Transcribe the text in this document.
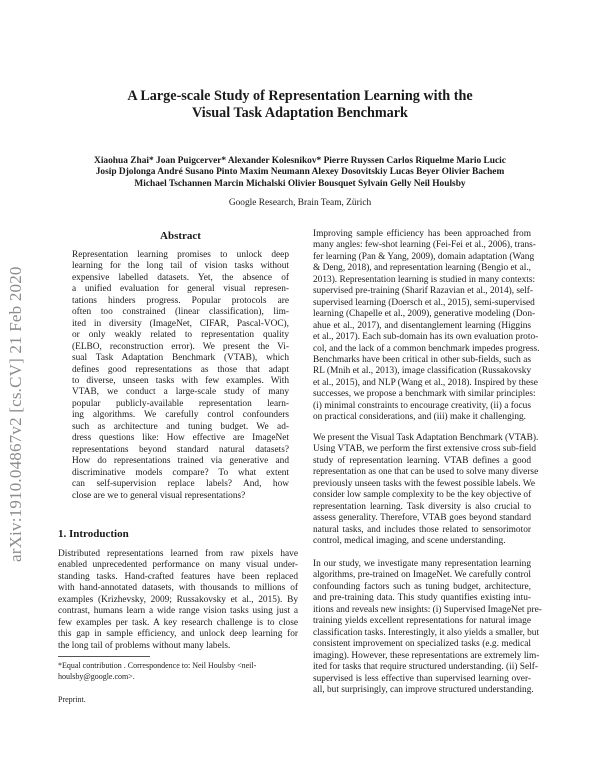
arXiv:1910.04867v2 [cs.CV] 21 Feb 2020
A Large-scale Study of Representation Learning with the
Visual Task Adaptation Benchmark
Xiaohua Zhai* Joan Puigcerver* Alexander Kolesnikov* Pierre Ruyssen Carlos Riquelme Mario Lucic
Josip Djolonga André Susano Pinto Maxim Neumann Alexey Dosovitskiy Lucas Beyer Olivier Bachem
Michael Tschannen Marcin Michalski Olivier Bousquet Sylvain Gelly Neil Houlsby
Google Research, Brain Team, Zürich
Abstract
Representation learning promises to unlock deep
learning for the long tail of vision tasks without
expensive labelled datasets. Yet, the absence of
a unified evaluation for general visual represen-
tations hinders progress. Popular protocols are
often too constrained (linear classification), lim-
ited in diversity (ImageNet, CIFAR, Pascal-VOC),
or only weakly related to representation quality
(ELBO, reconstruction error). We present the Vi-
sual Task Adaptation Benchmark (VTAB), which
defines good representations as those that adapt
to diverse, unseen tasks with few examples. With
VTAB, we conduct a large-scale study of many
popular publicly-available representation learn-
ing algorithms. We carefully control confounders
such as architecture and tuning budget. We ad-
dress questions like: How effective are ImageNet
representations beyond standard natural datasets?
How do representations trained via generative and
discriminative models compare? To what extent
can self-supervision replace labels? And, how
close are we to general visual representations?
1. Introduction
Distributed representations learned from raw pixels have
enabled unprecedented performance on many visual under-
standing tasks. Hand-crafted features have been replaced
with hand-annotated datasets, with thousands to millions of
examples (Krizhevsky, 2009; Russakovsky et al., 2015). By
contrast, humans learn a wide range vision tasks using just a
few examples per task. A key research challenge is to close
this gap in sample efficiency, and unlock deep learning for
the long tail of problems without many labels.
*Equal contribution . Correspondence to: Neil Houlsby <neil-
houlsby@google.com>.
Preprint.
Improving sample efficiency has been approached from
many angles: few-shot learning (Fei-Fei et al., 2006), trans-
fer learning (Pan & Yang, 2009), domain adaptation (Wang
& Deng, 2018), and representation learning (Bengio et al.,
2013). Representation learning is studied in many contexts:
supervised pre-training (Sharif Razavian et al., 2014), self-
supervised learning (Doersch et al., 2015), semi-supervised
learning (Chapelle et al., 2009), generative modeling (Don-
ahue et al., 2017), and disentanglement learning (Higgins
et al., 2017). Each sub-domain has its own evaluation proto-
col, and the lack of a common benchmark impedes progress.
Benchmarks have been critical in other sub-fields, such as
RL (Mnih et al., 2013), image classification (Russakovsky
et al., 2015), and NLP (Wang et al., 2018). Inspired by these
successes, we propose a benchmark with similar principles:
(i) minimal constraints to encourage creativity, (ii) a focus
on practical considerations, and (iii) make it challenging.
We present the Visual Task Adaptation Benchmark (VTAB).
Using VTAB, we perform the first extensive cross sub-field
study of representation learning. VTAB defines a good
representation as one that can be used to solve many diverse
previously unseen tasks with the fewest possible labels. We
consider low sample complexity to be the key objective of
representation learning. Task diversity is also crucial to
assess generality. Therefore, VTAB goes beyond standard
natural tasks, and includes those related to sensorimotor
control, medical imaging, and scene understanding.
In our study, we investigate many representation learning
algorithms, pre-trained on ImageNet. We carefully control
confounding factors such as tuning budget, architecture,
and pre-training data. This study quantifies existing intu-
itions and reveals new insights: (i) Supervised ImageNet pre-
training yields excellent representations for natural image
classification tasks. Interestingly, it also yields a smaller, but
consistent improvement on specialized tasks (e.g. medical
imaging). However, these representations are extremely lim-
ited for tasks that require structured understanding. (ii) Self-
supervised is less effective than supervised learning over-
all, but surprisingly, can improve structured understanding.
